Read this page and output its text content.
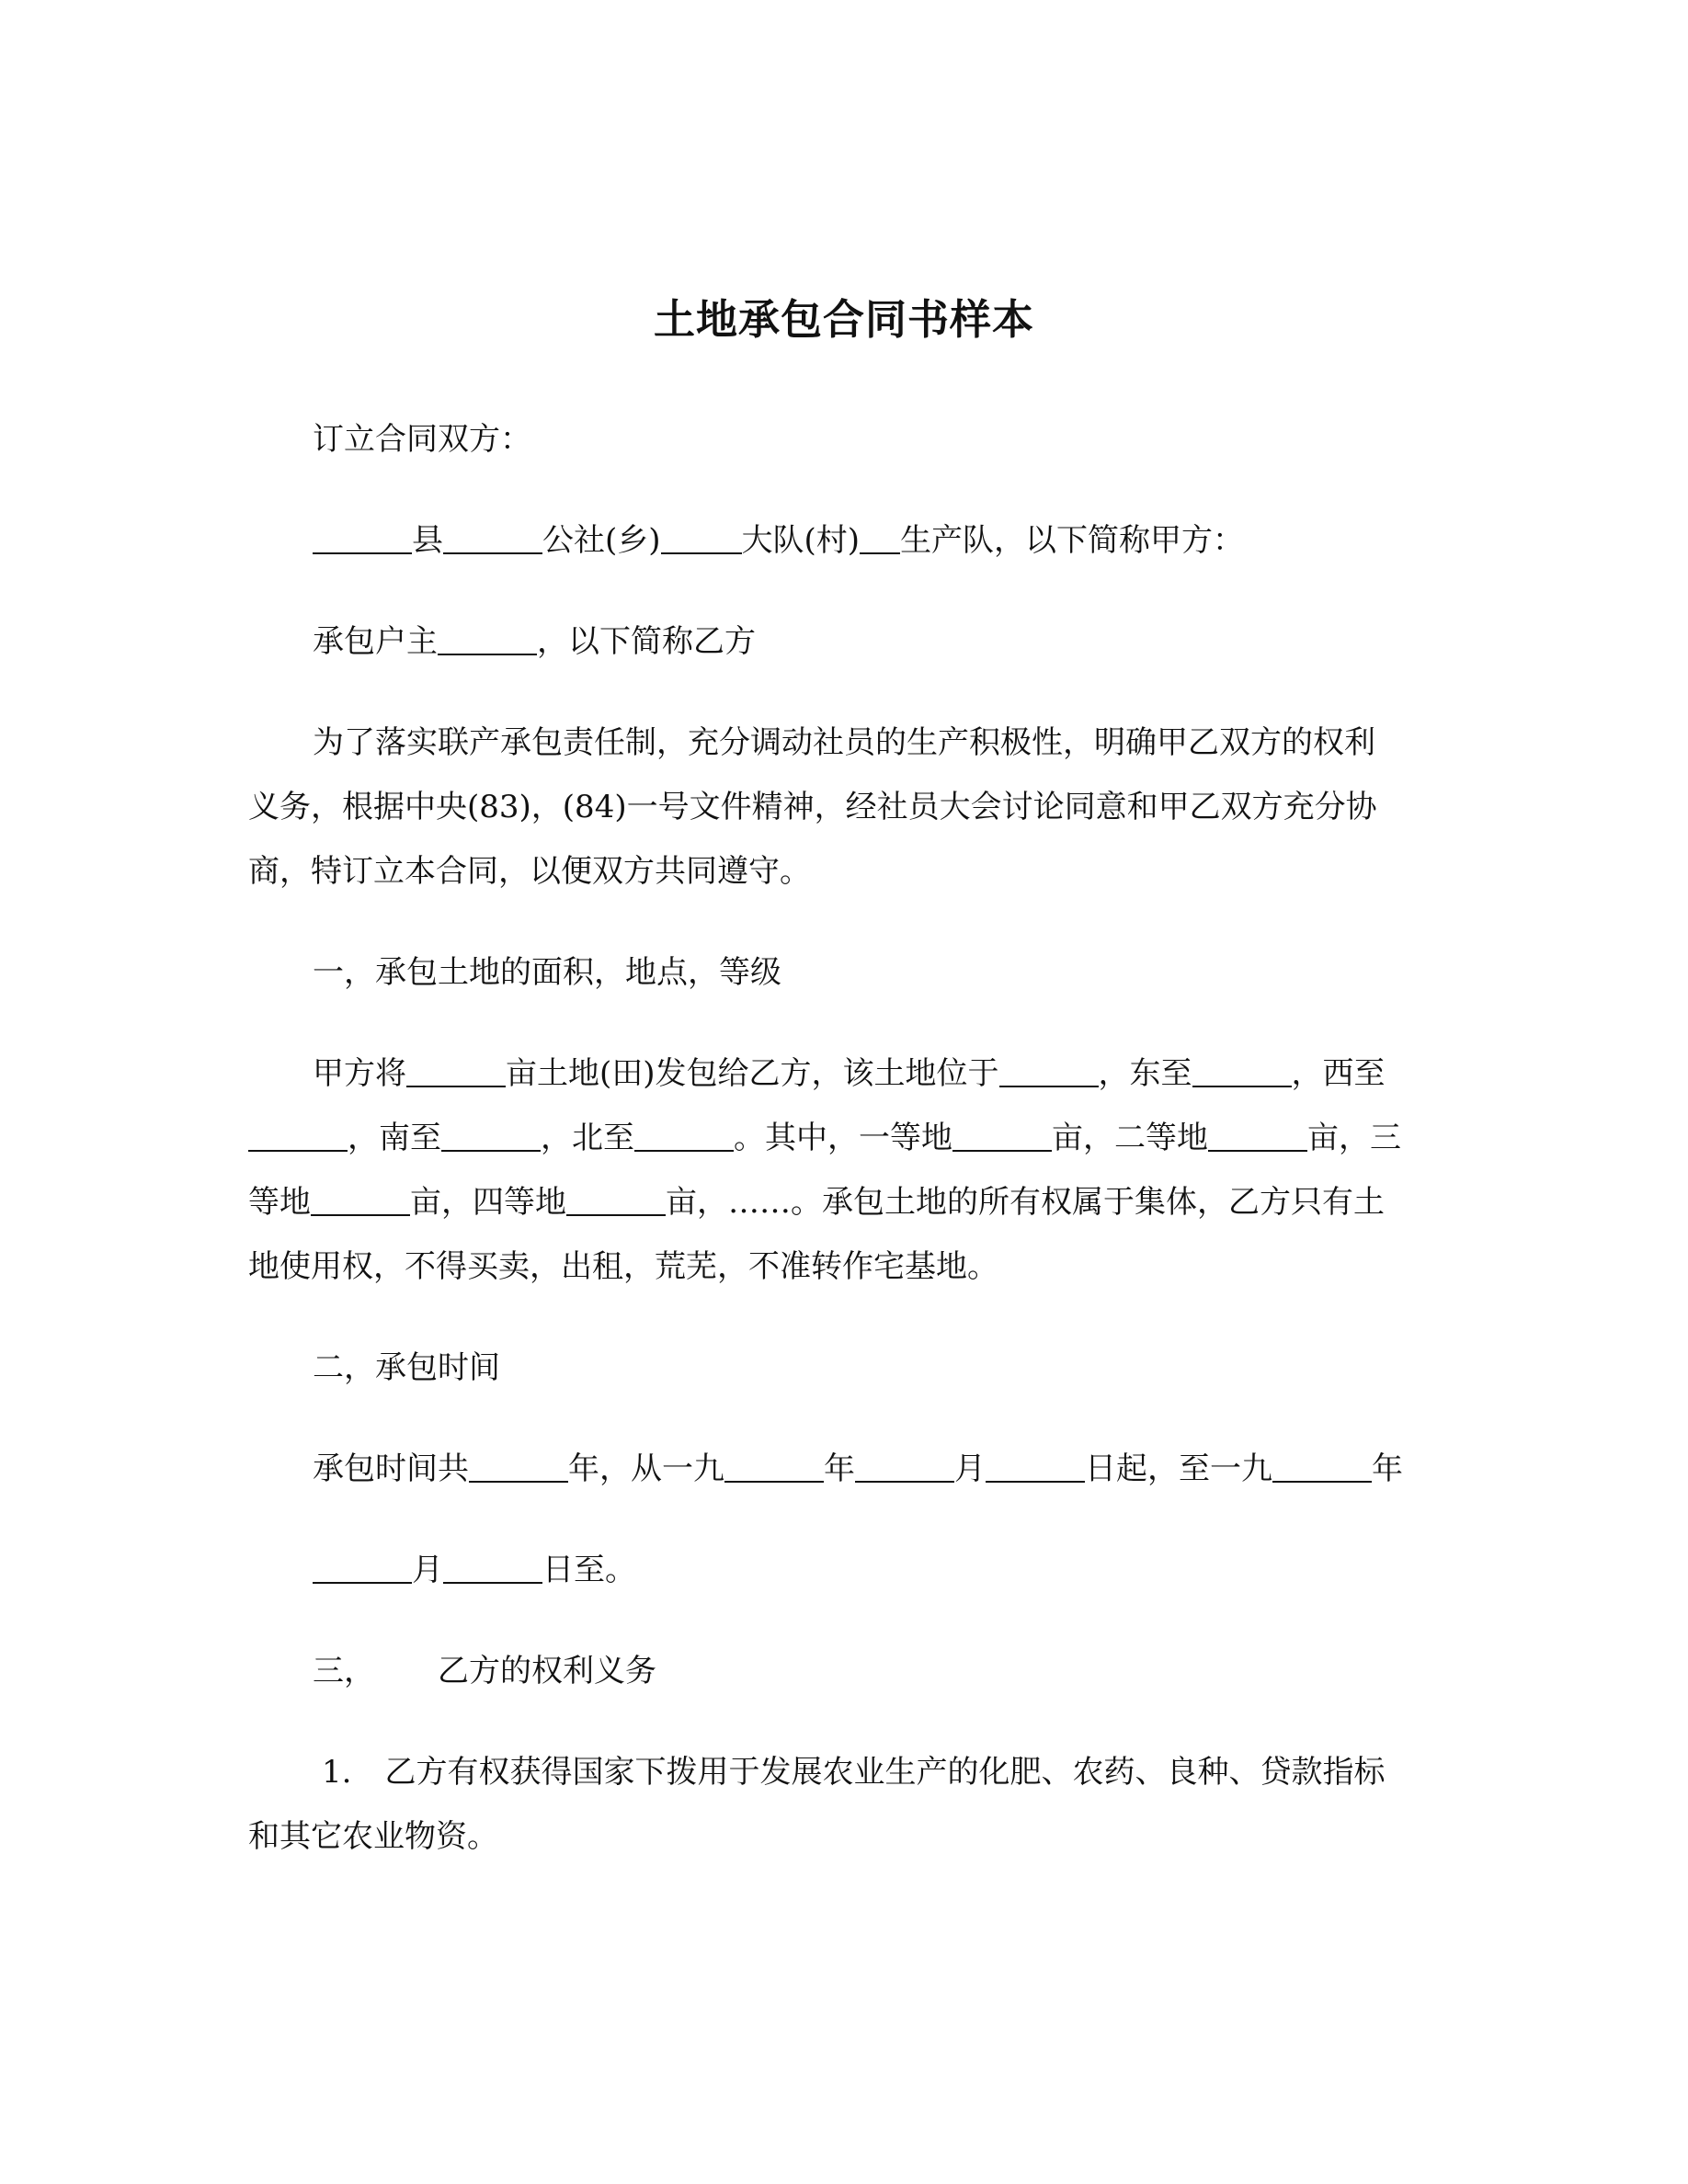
土地承包合同书样本
订立合同双方：
县	公社(乡)	大队(村) 生产队，以下简称甲方：
承包户主	，以下简称乙方
为了落实联产承包责任制，充分调动社员的生产积极性，明确甲乙双方的权利
义务，根据中央(83)，(84)一号文件精神，经社员大会讨论同意和甲乙双方充分协
商，特订立本合同，以便双方共同遵守。
一，承包土地的面积，地点，等级
甲方将	亩土地(田)发包给乙方，该土地位于	，东至	，西至
，南至	，北至	。其中，一等地	亩，二等地	亩，三
等地	亩，四等地	亩，……。承包土地的所有权属于集体，乙方只有土
地使用权，不得买卖，出租，荒芜，不准转作宅基地。
二，承包时间
承包时间共	年，从一九	年	月	日起，至一九	年
月	日至。
三， 乙方的权利义务
1. 乙方有权获得国家下拨用于发展农业生产的化肥、农药、良种、贷款指标
和其它农业物资。
